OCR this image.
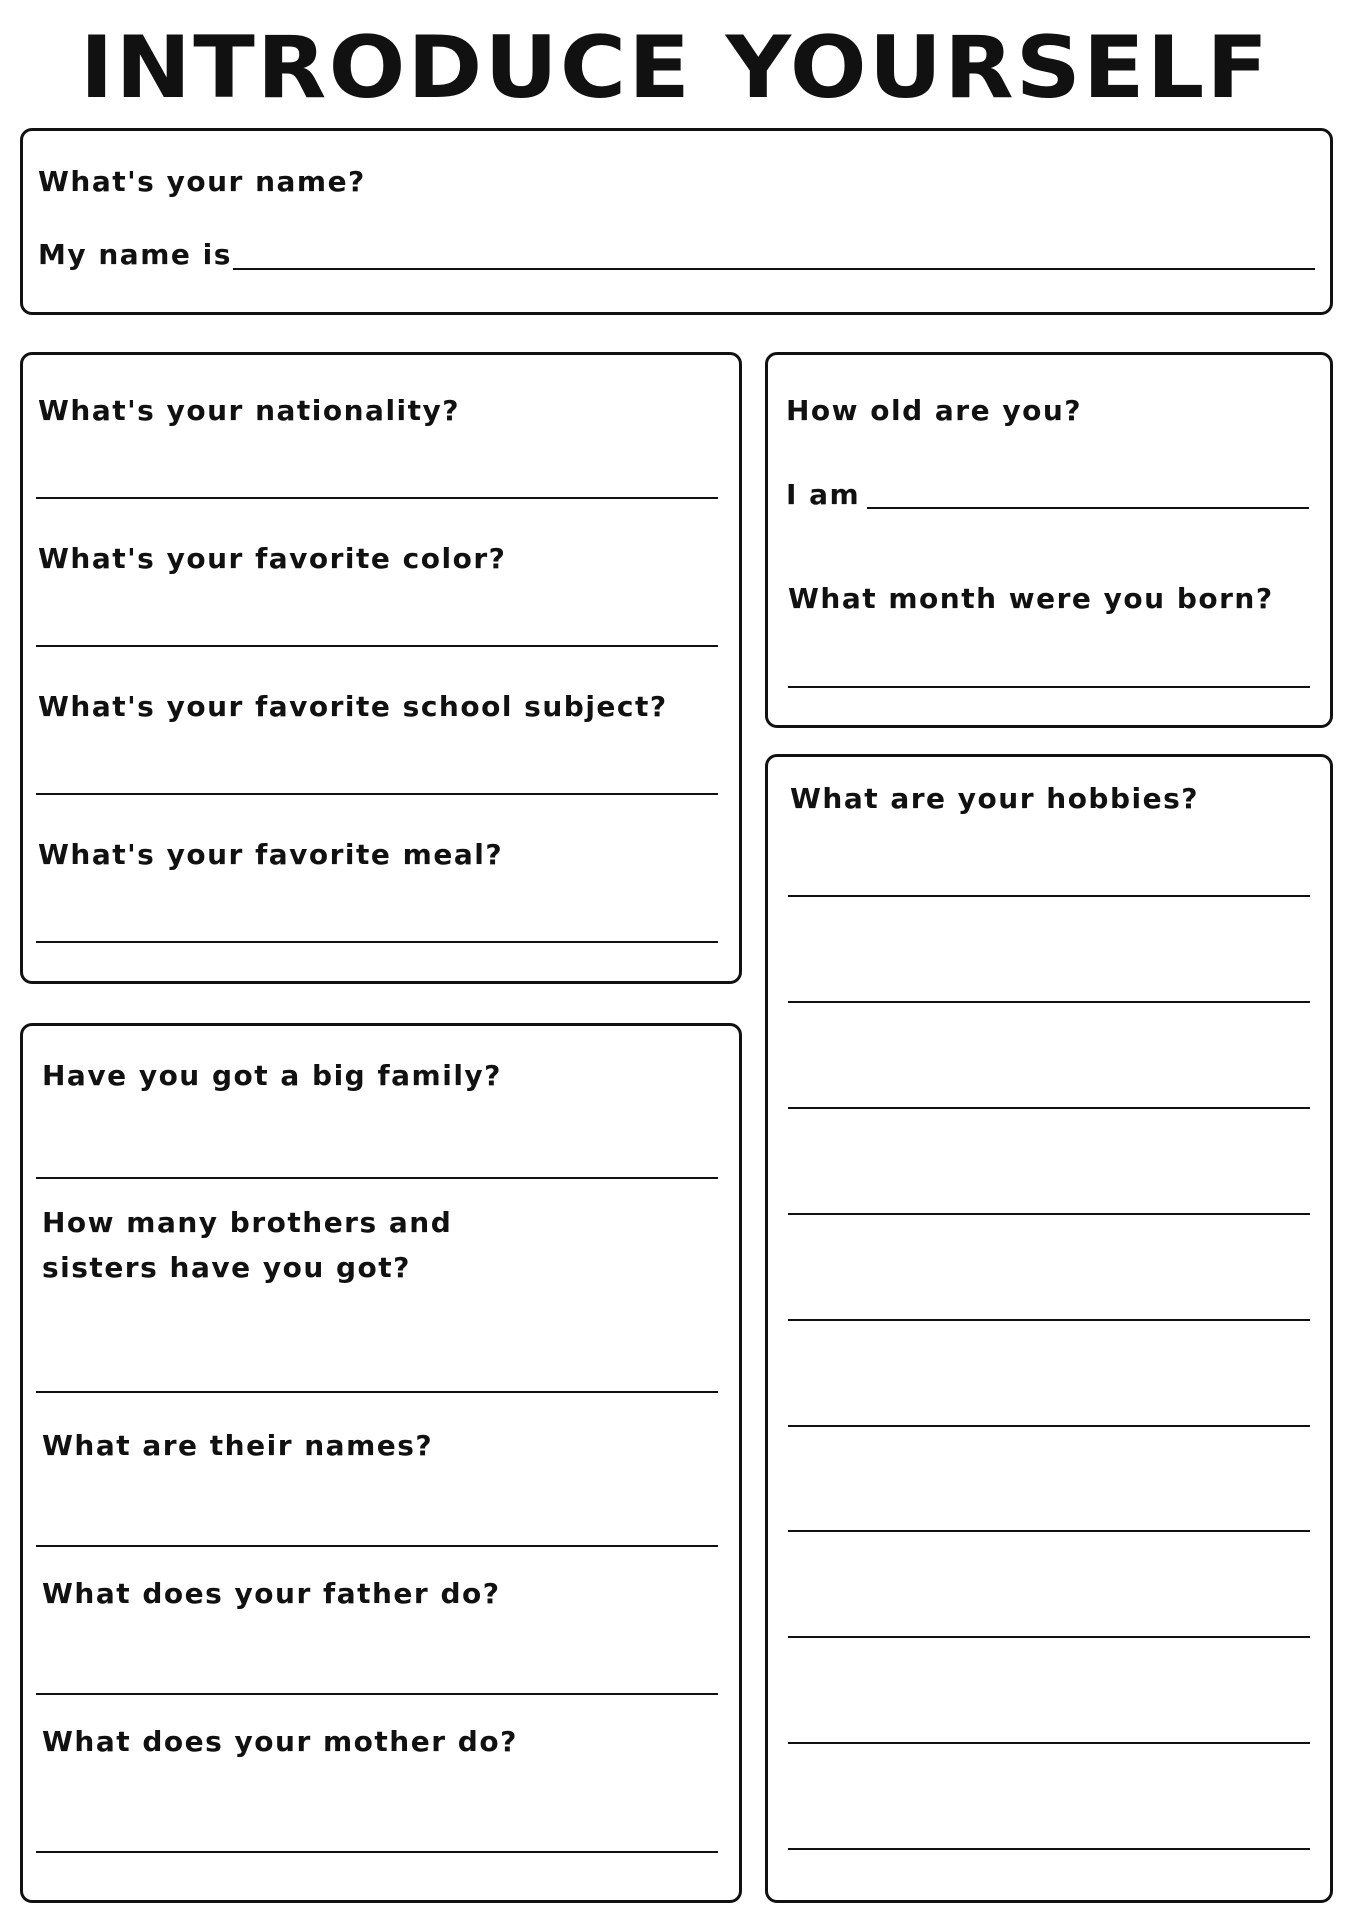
INTRODUCE YOURSELF
What's your name?
My name is
What's your nationality?
What's your favorite color?
What's your favorite school subject?
What's your favorite meal?
How old are you?
I am
What month were you born?
Have you got a big family?
How many brothers and sisters have you got?
What are their names?
What does your father do?
What does your mother do?
What are your hobbies?
